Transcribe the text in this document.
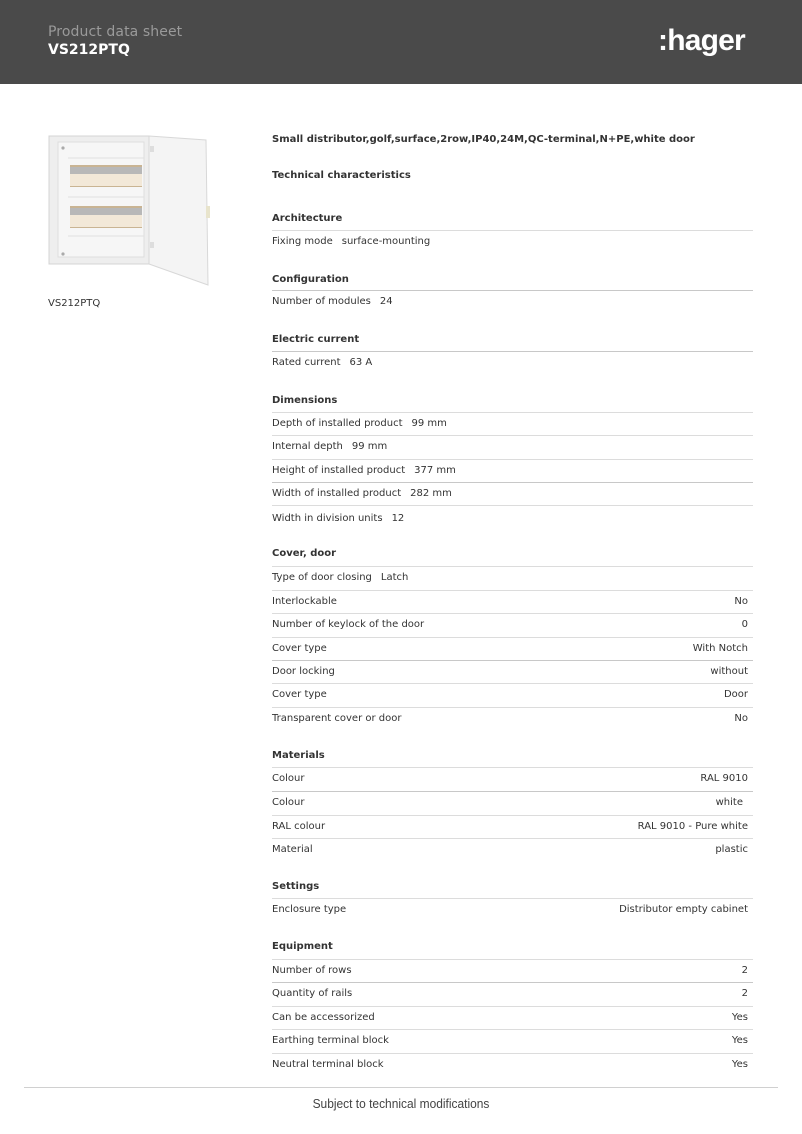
Product data sheet
VS212PTQ	:hager
VS212PTQ
Small distributor,golf,surface,2row,IP40,24M,QC-terminal,N+PE,white door
Technical characteristics
Architecture
Fixing mode surface-mounting
Configuration
Number of modules 24
Electric current
Rated current 63 A
Dimensions
Depth of installed product 99 mm
Internal depth 99 mm
Height of installed product 377 mm
Width of installed product 282 mm
Width in division units 12
Cover, door
Type of door closing Latch
Interlockable	No
Number of keylock of the door	0
Cover type	With Notch
Door locking	without
Cover type	Door
Transparent cover or door	No
Materials
Colour	RAL 9010
Colour	white
RAL colour	RAL 9010 - Pure white
Material	plastic
Settings
Enclosure type	Distributor empty cabinet
Equipment
Number of rows	2
Quantity of rails	2
Can be accessorized	Yes
Earthing terminal block	Yes
Neutral terminal block	Yes
Subject to technical modifications
